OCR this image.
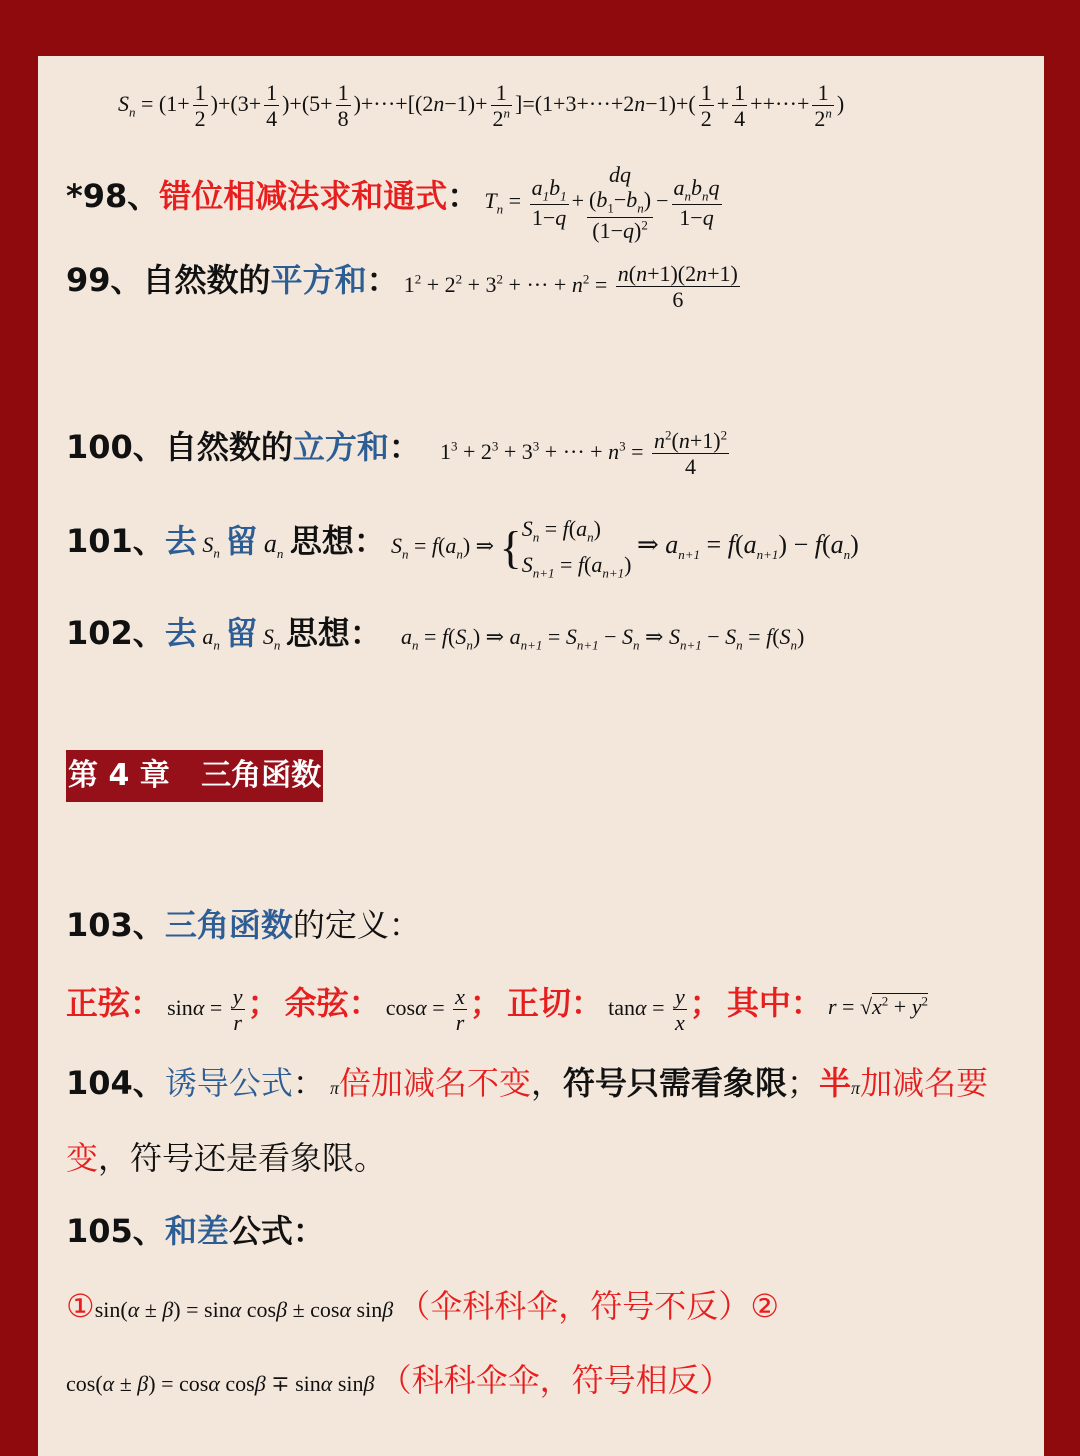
$S_n = (1+ \frac{1}{2} )+(3+ \frac{1}{4} )+(5+ \frac{1}{8} )+\cdot\cdot\cdot+[(2n-1)+ \frac{1}{2^n} ]=(1+3+\cdot\cdot\cdot+2n-1)+( \frac{1}{2} + \frac{1}{4}$ ++···+ $\frac{1}{2^n}$ )
*98、错位相减法求和通式： $T_n = \frac{a_1b_1}{1-q}$ +
dq
$(b_1-b_n)$
$(1-q)^2$
− $\frac{a_nb_nq}{1-q}$
99、自然数的平方和： $1^2 + 2^2 + 3^2$ + ··· + $n^2 = \frac{n(n+1)(2n+1)}{6}$
100、自然数的立方和： $1^3 + 2^3 + 3^3$ + ··· + $n^3 = \frac{n^2(n+1)^2}{4}$
101、去 $S_n$ 留 $a_n$ 思想： $S_n = f(a_n)$ ⇒ {$S_n = f(a_n)$
$S_{n+1} = f(a_{n+1})$ ⇒ $a_{n+1} = f(a_{n+1}) - f(a_n)$
102、去 $a_n$ 留 $S_n$ 思想： $a_n = f(S_n)$ ⇒ $a_{n+1} = S_{n+1} - S_n$ ⇒ $S_{n+1} - S_n = f(S_n)$
第 4 章   三角函数
103、三角函数的定义：
正弦： $\sin\alpha = \frac{y}{r}$ ； 余弦： $\cos\alpha = \frac{x}{r}$ ； 正切： $\tan\alpha = \frac{y}{x}$ ； 其中： $r = √x^2 + y^2$
104、诱导公式： π倍加减名不变，符号只需看象限；半π加减名要
变，符号还是看象限。
105、和差公式：
①sin(α ± β) = sinα cosβ ± cosα sinβ （伞科科伞，符号不反）②
cos(α ± β) = cosα cosβ ∓ sinα sinβ （科科伞伞，符号相反）
